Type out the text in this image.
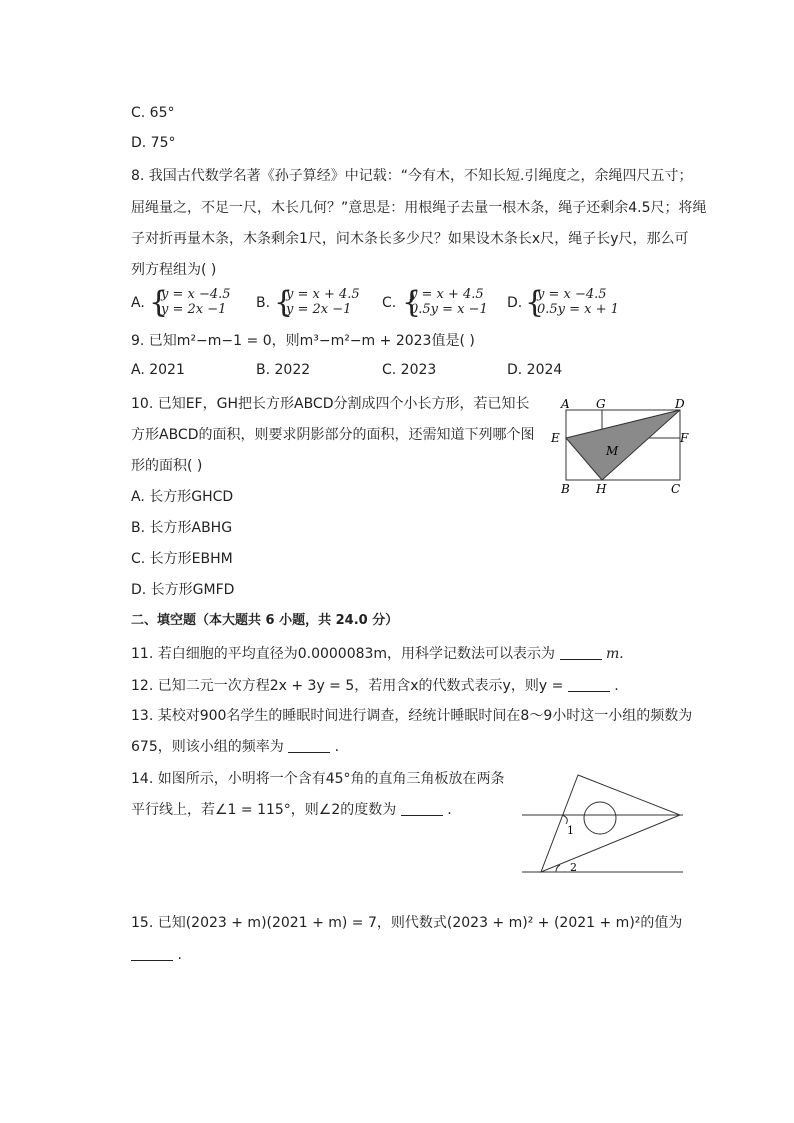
C. 65°
D. 75°
8. 我国古代数学名著《孙子算经》中记载：“今有木，不知长短.引绳度之，余绳四尺五寸；
屈绳量之，不足一尺，木长几何？”意思是：用根绳子去量一根木条，绳子还剩余4.5尺；将绳
子对折再量木条，木条剩余1尺，问木条长多少尺？如果设木条长x尺，绳子长y尺，那么可
列方程组为( )
A. {
y = x −4.5
y = 2x −1 B. {
y = x + 4.5
y = 2x −1 C. {
y = x + 4.5
0.5y = x −1 D. {
y = x −4.5
0.5y = x + 1
9. 已知m²−m−1 = 0，则m³−m²−m + 2023值是( )
A. 2021	B. 2022	C. 2023	D. 2024
10. 已知EF，GH把长方形ABCD分割成四个小长方形，若已知长
方形ABCD的面积，则要求阴影部分的面积，还需知道下列哪个图
形的面积( )
A. 长方形GHCD
B. 长方形ABHG
C. 长方形EBHM
D. 长方形GMFD
A G	D
E	F
M
B H	C
二、填空题（本大题共 6 小题，共 24.0 分）
11. 若白细胞的平均直径为0.0000083m，用科学记数法可以表示为	m.
12. 已知二元一次方程2x + 3y = 5，若用含x的代数式表示y，则y =	.
13. 某校对900名学生的睡眠时间进行调查，经统计睡眠时间在8～9小时这一小组的频数为
675，则该小组的频率为	.
14. 如图所示，小明将一个含有45°角的直角三角板放在两条
平行线上，若∠1 = 115°，则∠2的度数为	.
1
2
15. 已知(2023 + m)(2021 + m) = 7，则代数式(2023 + m)² + (2021 + m)²的值为
.
